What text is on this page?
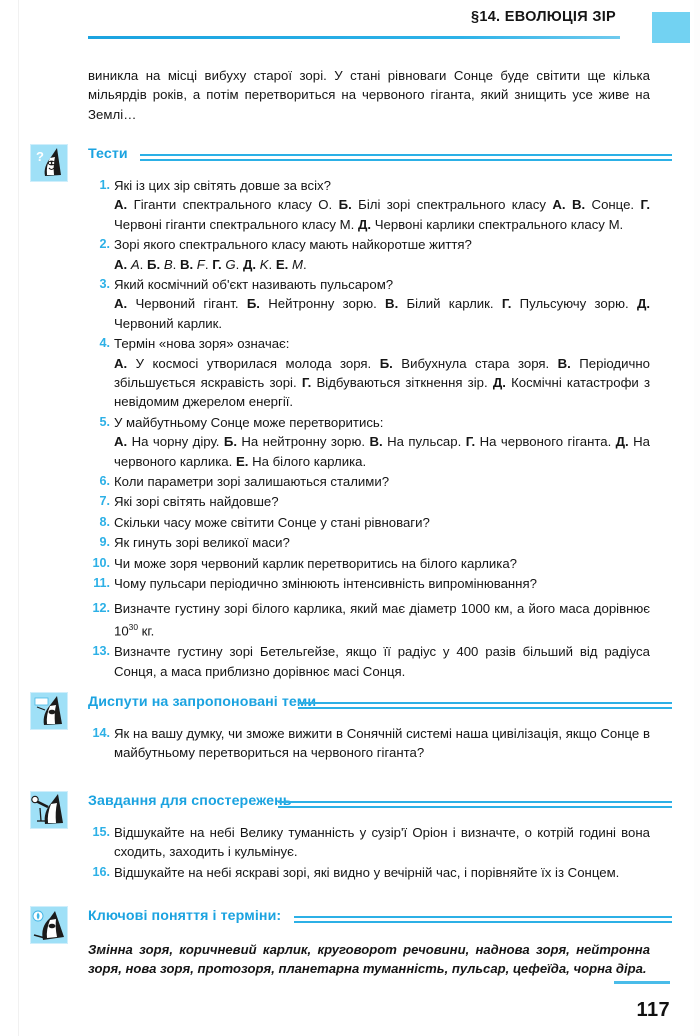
§14. ЕВОЛЮЦІЯ ЗІР

виникла на місці вибуху старої зорі. У стані рівноваги Сонце буде світити ще кілька мільярдів років, а потім перетвориться на червоного гіганта, який знищить усе живе на Землі…

?	Тести
1. Які із цих зір світять довше за всіх?
А. Гіганти спектрального класу О. Б. Білі зорі спектрального класу А. В. Сонце. Г. Червоні гіганти спектрального класу М. Д. Червоні карлики спектрального класу М.
2. Зорі якого спектрального класу мають найкоротше життя?
А. A. Б. B. В. F. Г. G. Д. K. Е. M.
3. Який космічний об'єкт називають пульсаром?
А. Червоний гігант. Б. Нейтронну зорю. В. Білий карлик. Г. Пульсуючу зорю. Д. Червоний карлик.
4. Термін «нова зоря» означає:
А. У космосі утворилася молода зоря. Б. Вибухнула стара зоря. В. Періодично збільшується яскравість зорі. Г. Відбуваються зіткнення зір. Д. Космічні катастрофи з невідомим джерелом енергії.
5. У майбутньому Сонце може перетворитись:
А. На чорну діру. Б. На нейтронну зорю. В. На пульсар. Г. На червоного гіганта. Д. На червоного карлика. Е. На білого карлика.
6. Коли параметри зорі залишаються сталими?
7. Які зорі світять найдовше?
8. Скільки часу може світити Сонце у стані рівноваги?
9. Як гинуть зорі великої маси?
10. Чи може зоря червоний карлик перетворитись на білого карлика?
11. Чому пульсари періодично змінюють інтенсивність випромінювання?
12. Визначте густину зорі білого карлика, який має діаметр 1000 км, а його маса дорівнює $10^{30}$ кг.
13. Визначте густину зорі Бетельгейзе, якщо її радіус у 400 разів більший від радіуса Сонця, а маса приблизно дорівнює масі Сонця.
Диспути на запропоновані теми
14. Як на вашу думку, чи зможе вижити в Сонячній системі наша цивілізація, якщо Сонце в майбутньому перетвориться на червоного гіганта?
Завдання для спостережень
15. Відшукайте на небі Велику туманність у сузір'ї Оріон і визначте, о котрій годині вона сходить, заходить і кульмінує.
16. Відшукайте на небі яскраві зорі, які видно у вечірній час, і порівняйте їх із Сонцем.
Ключові поняття і терміни:
Змінна зоря, коричневий карлик, круговорот речовини, наднова зоря, нейтронна зоря, нова зоря, протозоря, планетарна туманність, пульсар, цефеїда, чорна діра.
117
